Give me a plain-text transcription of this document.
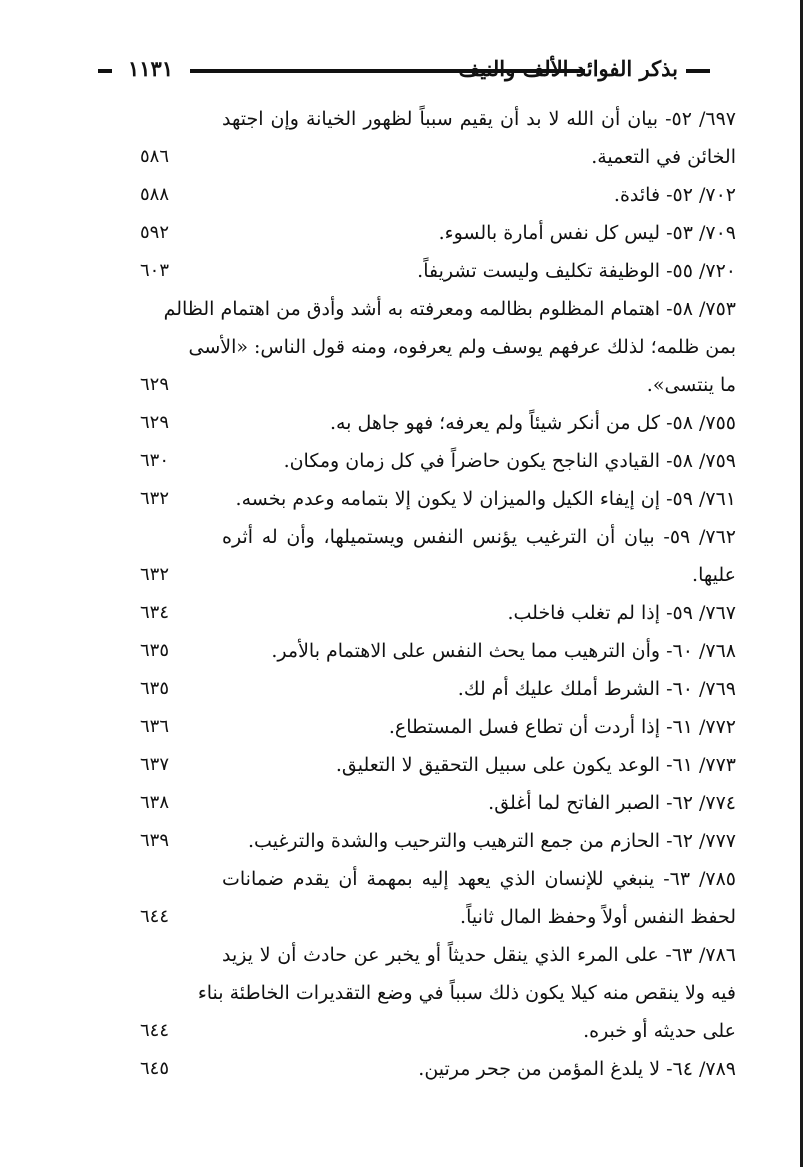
١١٣١	بذكر الفوائد الألف والنيف
٦٩٧/ ٥٢- بيان أن الله لا بد أن يقيم سبباً لظهور الخيانة وإن اجتهد
الخائن في التعمية.
٥٨٦
٧٠٢/ ٥٢- فائدة.
٥٨٨
٧٠٩/ ٥٣- ليس كل نفس أمارة بالسوء.
٥٩٢
٧٢٠/ ٥٥- الوظيفة تكليف وليست تشريفاً.
٦٠٣
٧٥٣/ ٥٨- اهتمام المظلوم بظالمه ومعرفته به أشد وأدق من اهتمام الظالم
بمن ظلمه؛ لذلك عرفهم يوسف ولم يعرفوه، ومنه قول الناس: «الأسى
ما ينتسى».
٦٢٩
٧٥٥/ ٥٨- كل من أنكر شيئاً ولم يعرفه؛ فهو جاهل به.
٦٢٩
٧٥٩/ ٥٨- القيادي الناجح يكون حاضراً في كل زمان ومكان.
٦٣٠
٧٦١/ ٥٩- إن إيفاء الكيل والميزان لا يكون إلا بتمامه وعدم بخسه.
٦٣٢
٧٦٢/ ٥٩- بيان أن الترغيب يؤنس النفس ويستميلها، وأن له أثره
عليها.
٦٣٢
٧٦٧/ ٥٩- إذا لم تغلب فاخلب.
٦٣٤
٧٦٨/ ٦٠- وأن الترهيب مما يحث النفس على الاهتمام بالأمر.
٦٣٥
٧٦٩/ ٦٠- الشرط أملك عليك أم لك.
٦٣٥
٧٧٢/ ٦١- إذا أردت أن تطاع فسل المستطاع.
٦٣٦
٧٧٣/ ٦١- الوعد يكون على سبيل التحقيق لا التعليق.
٦٣٧
٧٧٤/ ٦٢- الصبر الفاتح لما أغلق.
٦٣٨
٧٧٧/ ٦٢- الحازم من جمع الترهيب والترحيب والشدة والترغيب.
٦٣٩
٧٨٥/ ٦٣- ينبغي للإنسان الذي يعهد إليه بمهمة أن يقدم ضمانات
لحفظ النفس أولاً وحفظ المال ثانياً.
٦٤٤
٧٨٦/ ٦٣- على المرء الذي ينقل حديثاً أو يخبر عن حادث أن لا يزيد
فيه ولا ينقص منه كيلا يكون ذلك سبباً في وضع التقديرات الخاطئة بناء
على حديثه أو خبره.
٦٤٤
٧٨٩/ ٦٤- لا يلدغ المؤمن من جحر مرتين.
٦٤٥
